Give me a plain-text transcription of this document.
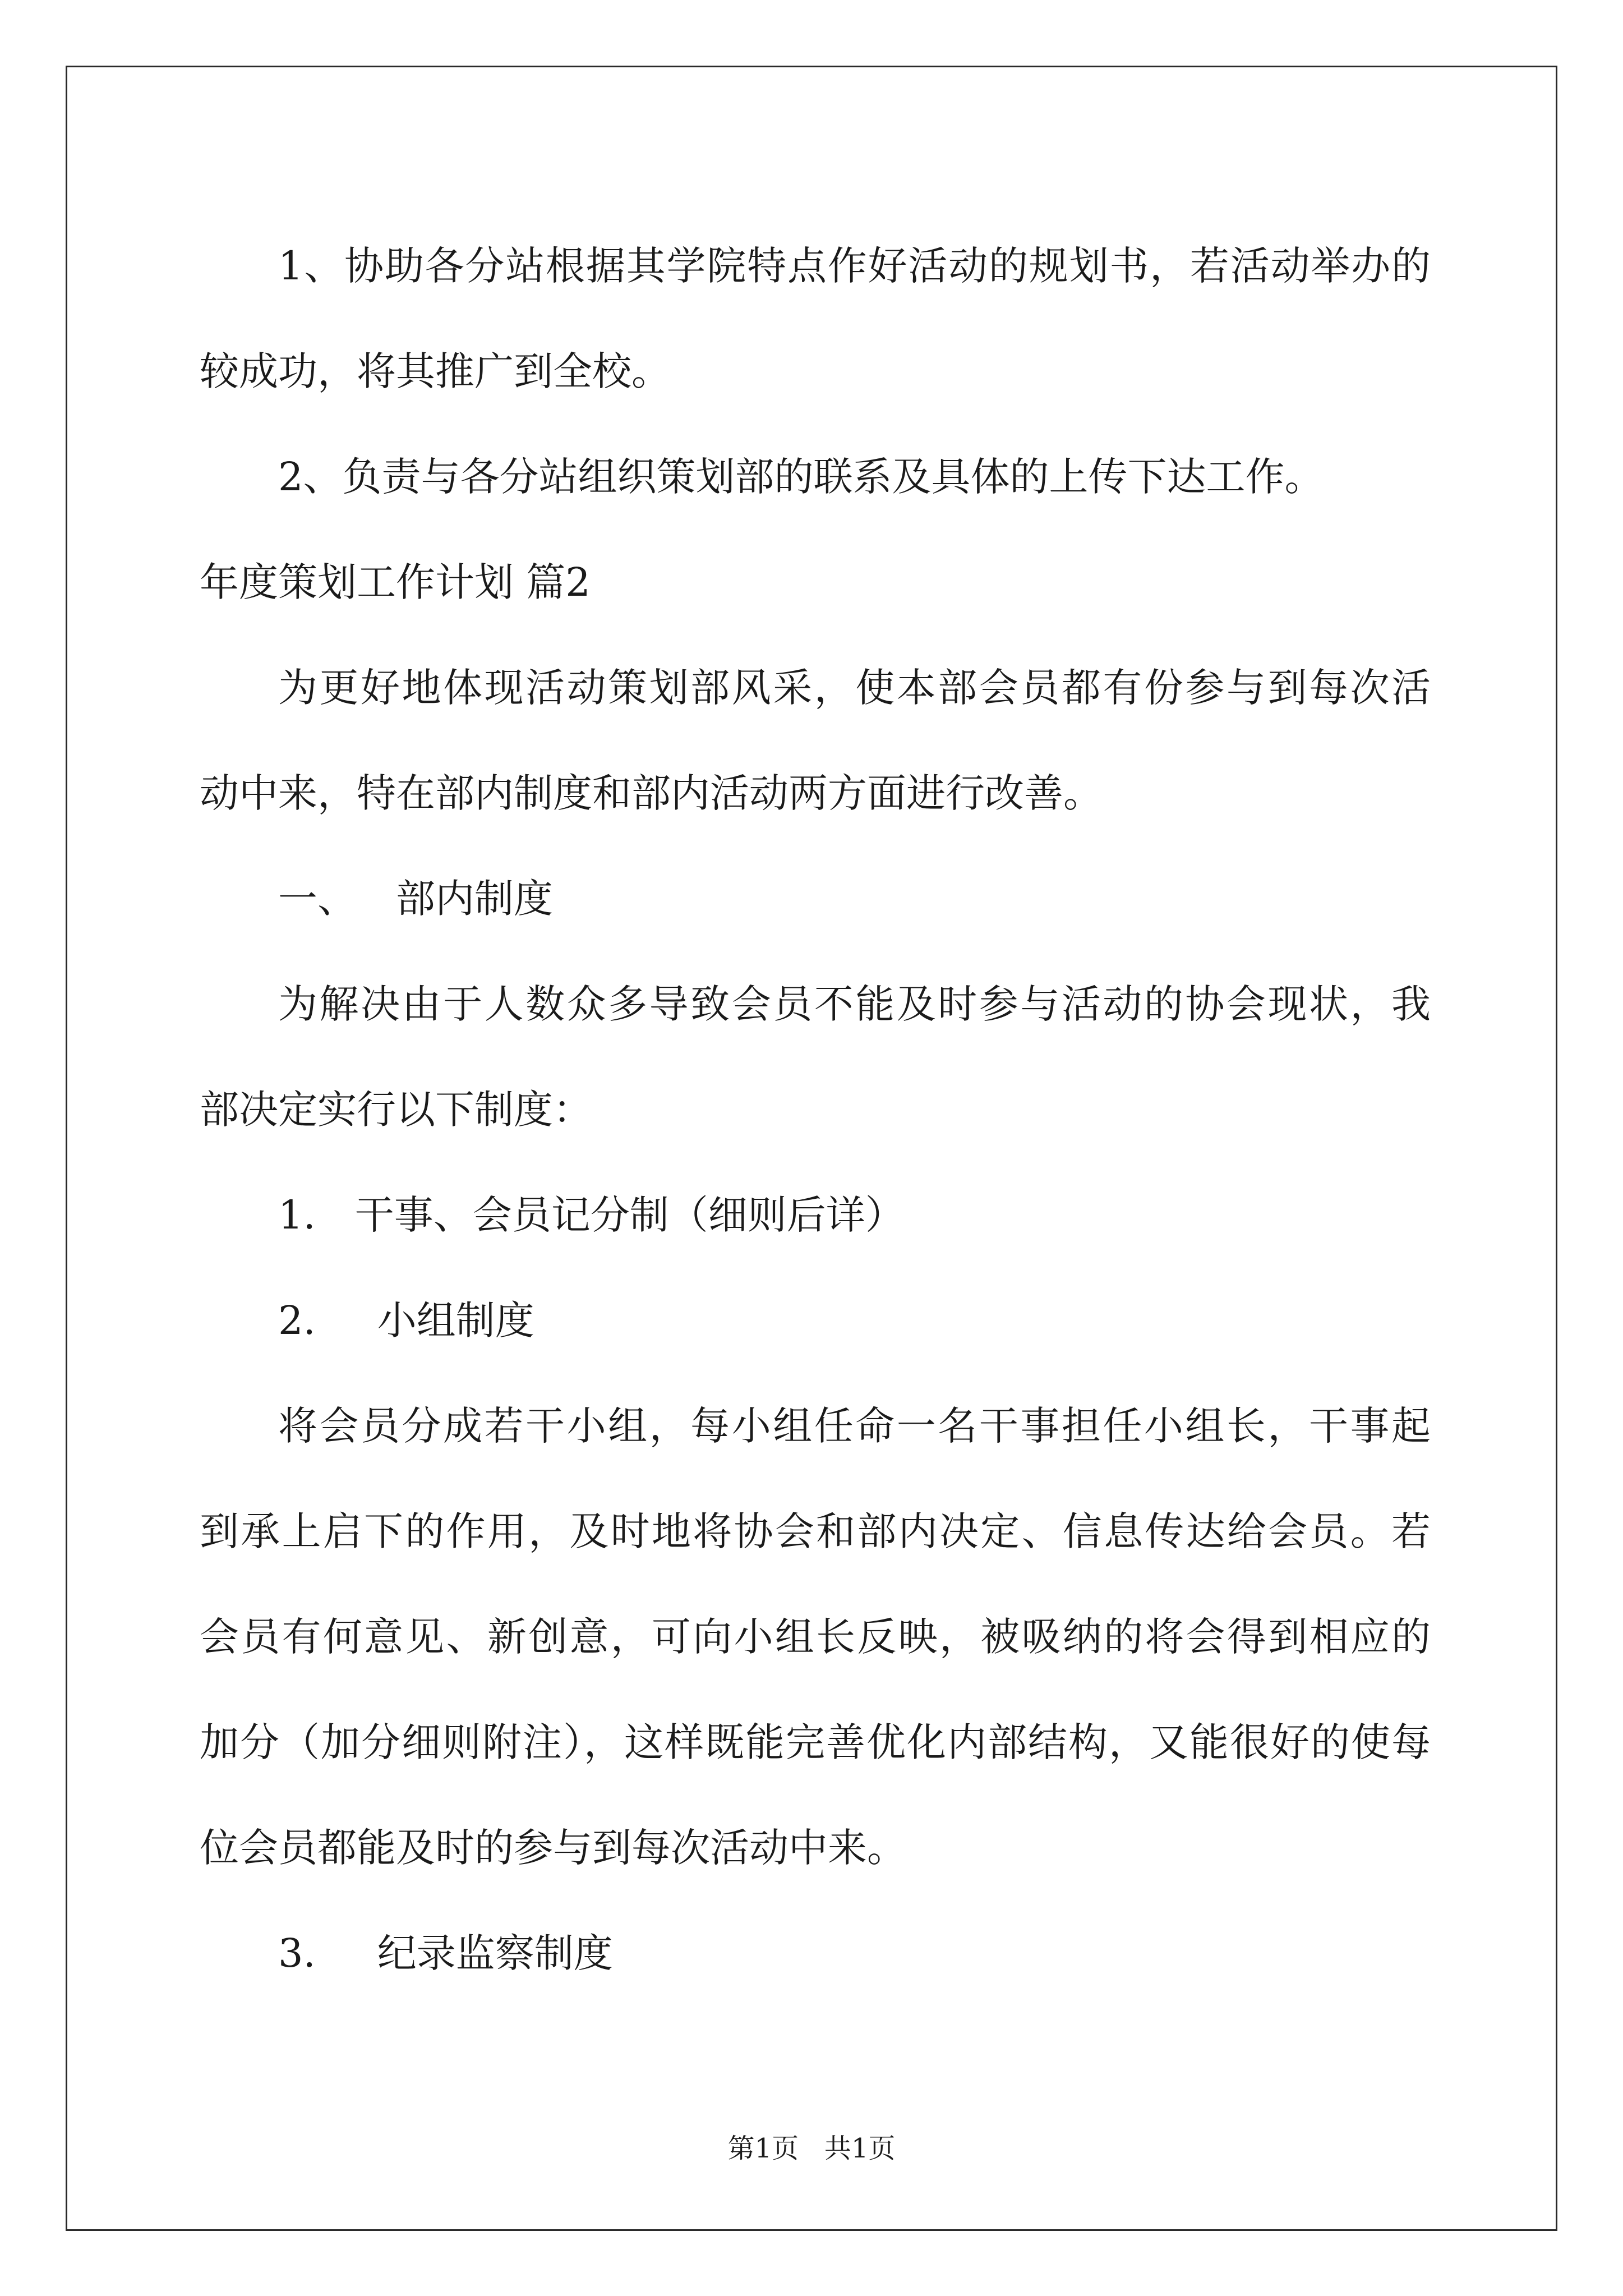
1、协助各分站根据其学院特点作好活动的规划书，若活动举办的

较成功，将其推广到全校。

2、负责与各分站组织策划部的联系及具体的上传下达工作。

年度策划工作计划 篇2

为更好地体现活动策划部风采，使本部会员都有份参与到每次活

动中来，特在部内制度和部内活动两方面进行改善。

一、 部内制度

为解决由于人数众多导致会员不能及时参与活动的协会现状，我

部决定实行以下制度：

1. 干事、会员记分制（细则后详）

2. 小组制度

将会员分成若干小组，每小组任命一名干事担任小组长，干事起

到承上启下的作用，及时地将协会和部内决定、信息传达给会员。若

会员有何意见、新创意，可向小组长反映，被吸纳的将会得到相应的

加分（加分细则附注），这样既能完善优化内部结构，又能很好的使每

位会员都能及时的参与到每次活动中来。

3. 纪录监察制度

第1页 共1页
